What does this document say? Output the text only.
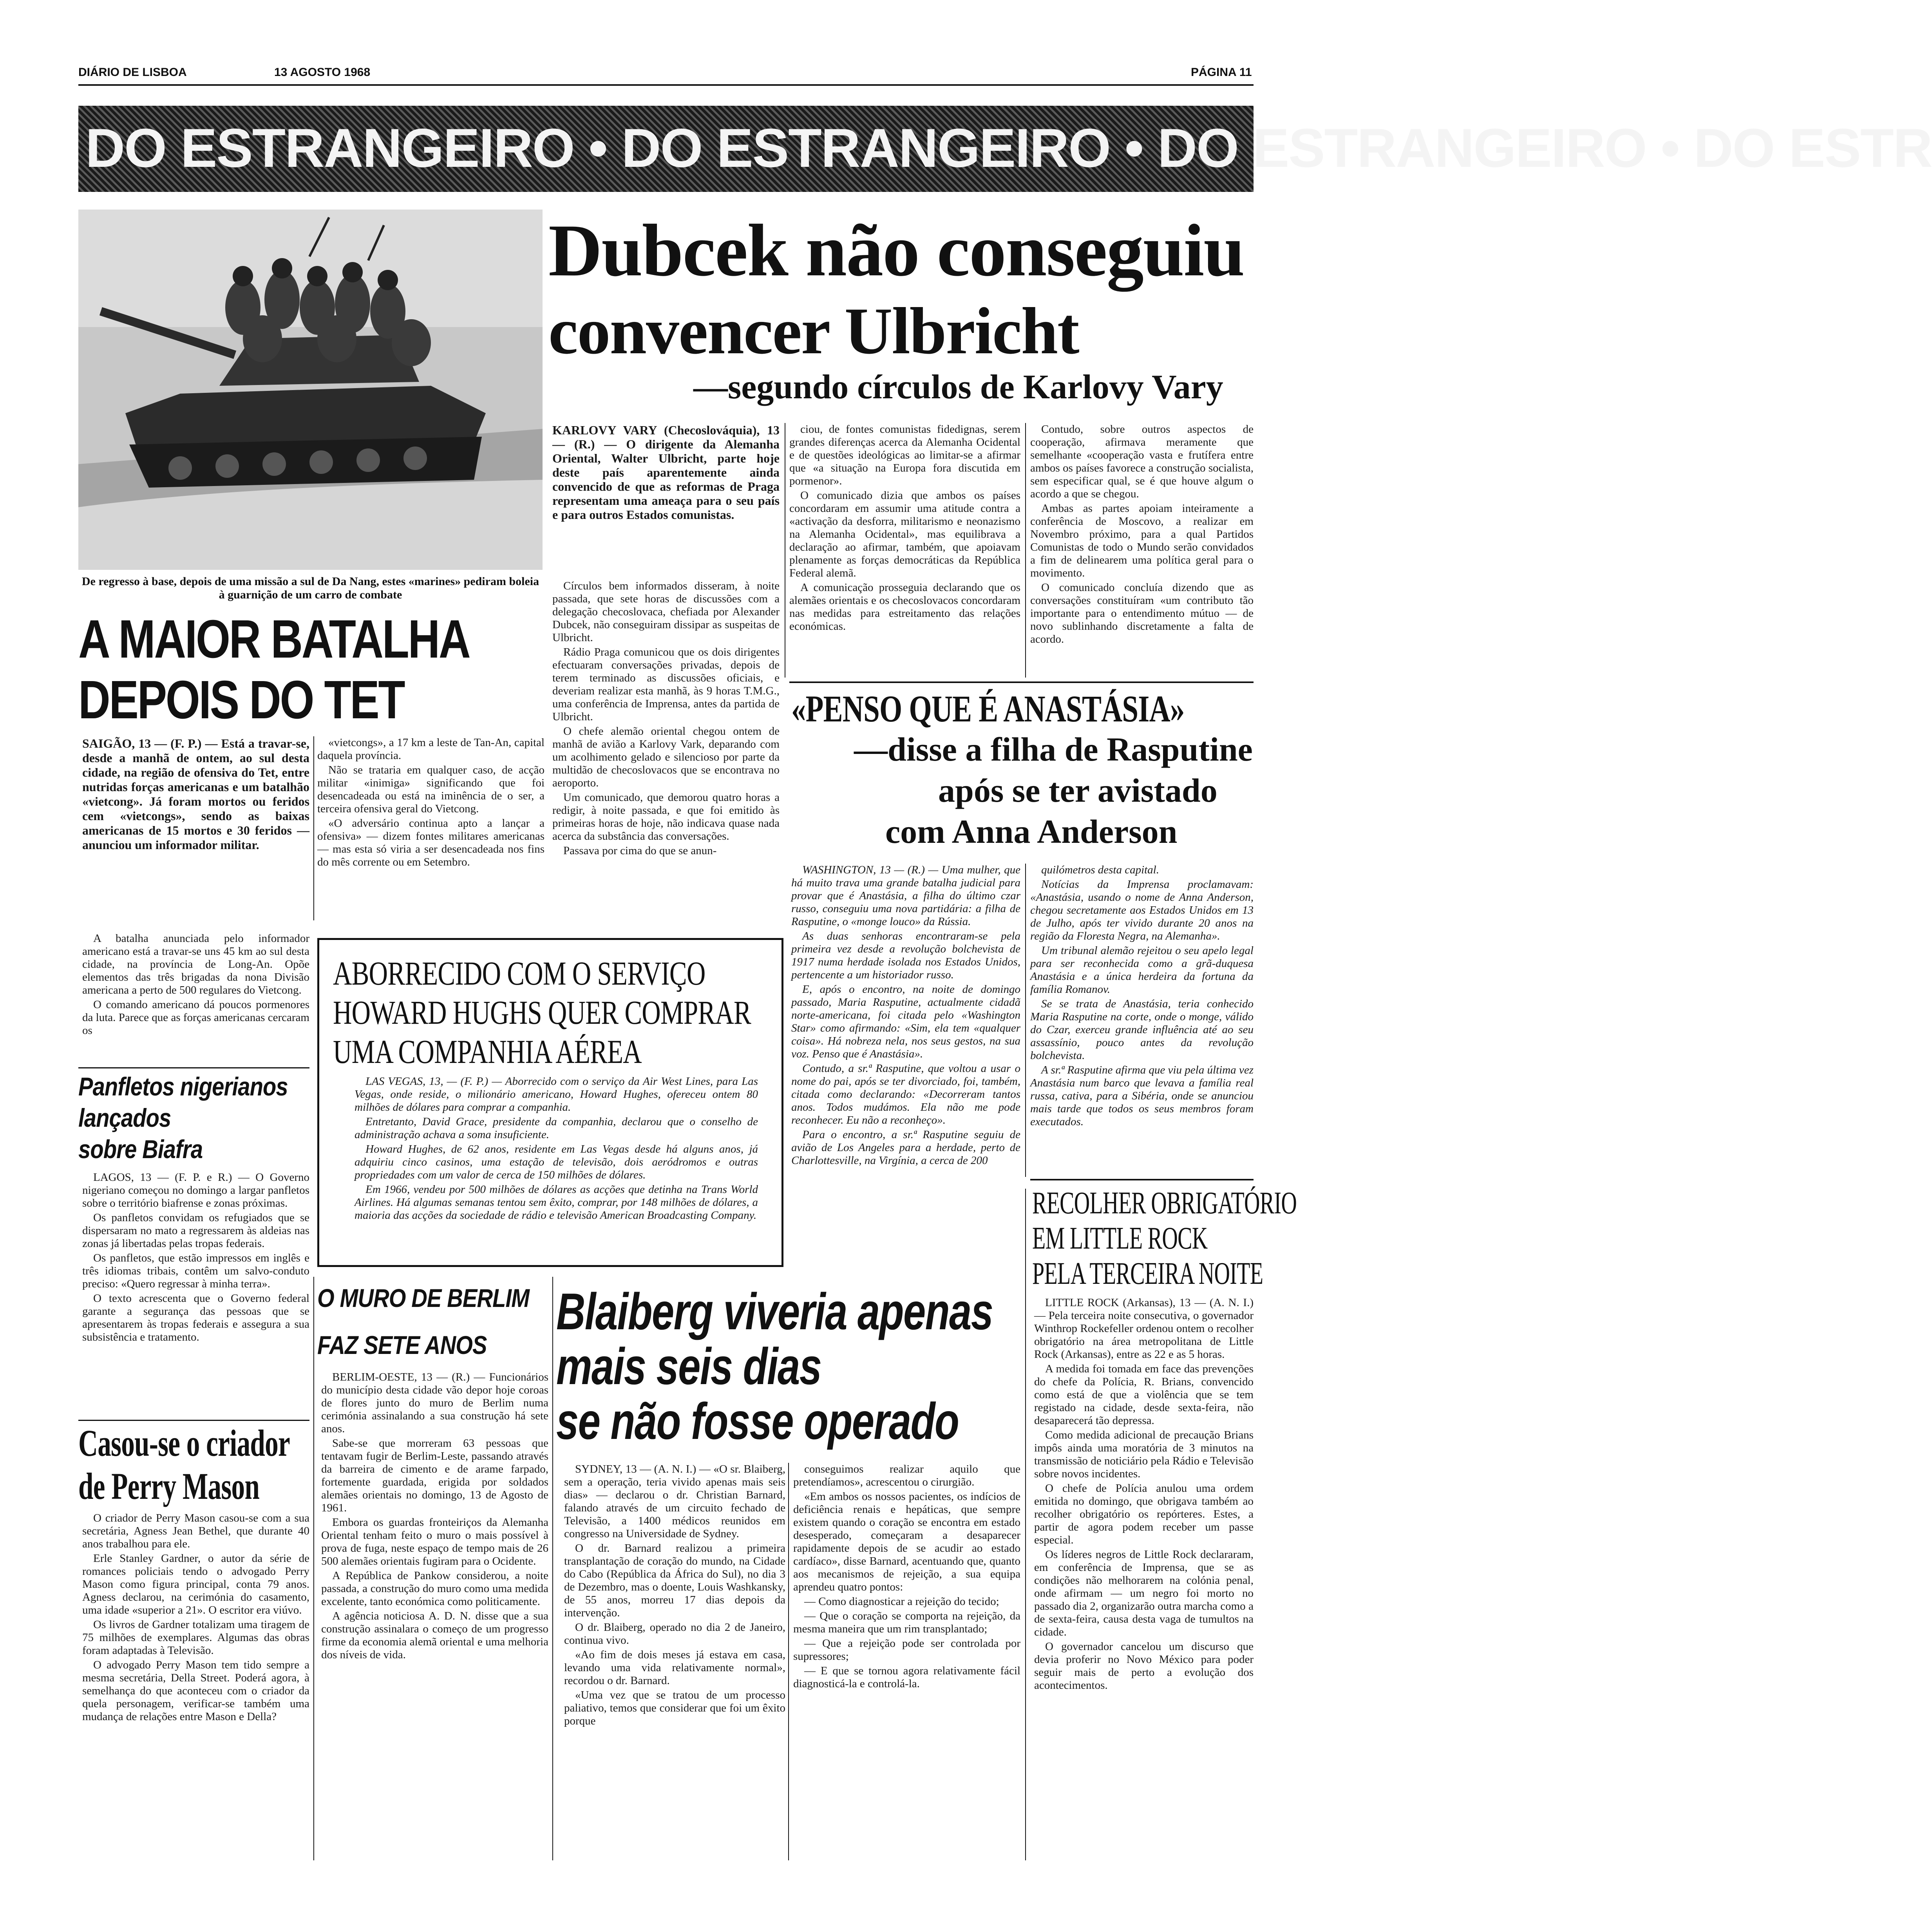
DIÁRIO DE LISBOA	13 AGOSTO 1968	PÁGINA 11
DO ESTRANGEIRO • DO ESTRANGEIRO • DO ESTRANGEIRO • DO ESTR
De regresso à base, depois de uma missão a sul de Da Nang, estes «marines» pediram boleia à guarnição de um carro de combate
Dubcek não conseguiu
convencer Ulbricht
—segundo círculos de Karlovy Vary
KARLOVY VARY (Checoslováquia), 13 — (R.) — O dirigente da Alemanha Oriental, Walter Ulbricht, parte hoje deste país aparentemente ainda convencido de que as reformas de Praga representam uma ameaça para o seu país e para outros Estados comunistas.

Círculos bem informados disseram, à noite passada, que sete horas de discussões com a delegação checoslovaca, chefiada por Alexander Dubcek, não conseguiram dissipar as suspeitas de Ulbricht.

Rádio Praga comunicou que os dois dirigentes efectuaram conversações privadas, depois de terem terminado as discussões oficiais, e deveriam realizar esta manhã, às 9 horas T.M.G., uma conferência de Imprensa, antes da partida de Ulbricht.

O chefe alemão oriental chegou ontem de manhã de avião a Karlovy Vark, deparando com um acolhimento gelado e silencioso por parte da multidão de checoslovacos que se encontrava no aeroporto.

Um comunicado, que demorou quatro horas a redigir, à noite passada, e que foi emitido às primeiras horas de hoje, não indicava quase nada acerca da substância das conversações.

Passava por cima do que se anun-

ciou, de fontes comunistas fidedignas, serem grandes diferenças acerca da Alemanha Ocidental e de questões ideológicas ao limitar-se a afirmar que «a situação na Europa fora discutida em pormenor».

O comunicado dizia que ambos os países concordaram em assumir uma atitude contra a «activação da desforra, militarismo e neonazismo na Alemanha Ocidental», mas equilibrava a declaração ao afirmar, também, que apoiavam plenamente as forças democráticas da República Federal alemã.

A comunicação prosseguia declarando que os alemães orientais e os checoslovacos concordaram nas medidas para estreitamento das relações económicas.

Contudo, sobre outros aspectos de cooperação, afirmava meramente que semelhante «cooperação vasta e frutífera entre ambos os países favorece a construção socialista, sem especificar qual, se é que houve algum o acordo a que se chegou.

Ambas as partes apoiam inteiramente a conferência de Moscovo, a realizar em Novembro próximo, para a qual Partidos Comunistas de todo o Mundo serão convidados a fim de delinearem uma política geral para o movimento.

O comunicado concluía dizendo que as conversações constituíram «um contributo tão importante para o entendimento mútuo — de novo sublinhando discretamente a falta de acordo.

A MAIOR BATALHA
DEPOIS DO TET
SAIGÃO, 13 — (F. P.) — Está a travar-se, desde a manhã de ontem, ao sul desta cidade, na região de ofensiva do Tet, entre nutridas forças americanas e um batalhão «vietcong». Já foram mortos ou feridos cem «vietcongs», sendo as baixas americanas de 15 mortos e 30 feridos — anunciou um informador militar.

A batalha anunciada pelo informador americano está a travar-se uns 45 km ao sul desta cidade, na província de Long-An. Opõe elementos das três brigadas da nona Divisão americana a perto de 500 regulares do Vietcong.

O comando americano dá poucos pormenores da luta. Parece que as forças americanas cercaram os

«vietcongs», a 17 km a leste de Tan-An, capital daquela província.

Não se trataria em qualquer caso, de acção militar «inimiga» significando que foi desencadeada ou está na iminência de o ser, a terceira ofensiva geral do Vietcong.

«O adversário continua apto a lançar a ofensiva» — dizem fontes militares americanas — mas esta só viria a ser desencadeada nos fins do mês corrente ou em Setembro.

«PENSO QUE É ANASTÁSIA»
—disse a filha de Rasputine
após se ter avistado
com Anna Anderson

WASHINGTON, 13 — (R.) — Uma mulher, que há muito trava uma grande batalha judicial para provar que é Anastásia, a filha do último czar russo, conseguiu uma nova partidária: a filha de Rasputine, o «monge louco» da Rússia.

As duas senhoras encontraram-se pela primeira vez desde a revolução bolchevista de 1917 numa herdade isolada nos Estados Unidos, pertencente a um historiador russo.

E, após o encontro, na noite de domingo passado, Maria Rasputine, actualmente cidadã norte-americana, foi citada pelo «Washington Star» como afirmando: «Sim, ela tem «qualquer coisa». Há nobreza nela, nos seus gestos, na sua voz. Penso que é Anastásia».

Contudo, a sr.ª Rasputine, que voltou a usar o nome do pai, após se ter divorciado, foi, também, citada como declarando: «Decorreram tantos anos. Todos mudámos. Ela não me pode reconhecer. Eu não a reconheço».

Para o encontro, a sr.ª Rasputine seguiu de avião de Los Angeles para a herdade, perto de Charlottesville, na Virgínia, a cerca de 200

quilómetros desta capital.

Notícias da Imprensa proclamavam: «Anastásia, usando o nome de Anna Anderson, chegou secretamente aos Estados Unidos em 13 de Julho, após ter vivido durante 20 anos na região da Floresta Negra, na Alemanha».

Um tribunal alemão rejeitou o seu apelo legal para ser reconhecida como a grã-duquesa Anastásia e a única herdeira da fortuna da família Romanov.

Se se trata de Anastásia, teria conhecido Maria Rasputine na corte, onde o monge, válido do Czar, exerceu grande influência até ao seu assassínio, pouco antes da revolução bolchevista.

A sr.ª Rasputine afirma que viu pela última vez Anastásia num barco que levava a família real russa, cativa, para a Sibéria, onde se anunciou mais tarde que todos os seus membros foram executados.

ABORRECIDO COM O SERVIÇO
HOWARD HUGHS QUER COMPRAR
UMA COMPANHIA AÉREA

LAS VEGAS, 13, — (F. P.) — Aborrecido com o serviço da Air West Lines, para Las Vegas, onde reside, o milionário americano, Howard Hughes, ofereceu ontem 80 milhões de dólares para comprar a companhia.

Entretanto, David Grace, presidente da companhia, declarou que o conselho de administração achava a soma insuficiente.

Howard Hughes, de 62 anos, residente em Las Vegas desde há alguns anos, já adquiriu cinco casinos, uma estação de televisão, dois aeródromos e outras propriedades com um valor de cerca de 150 milhões de dólares.

Em 1966, vendeu por 500 milhões de dólares as acções que detinha na Trans World Airlines. Há algumas semanas tentou sem êxito, comprar, por 148 milhões de dólares, a maioria das acções da sociedade de rádio e televisão American Broadcasting Company.

Panfletos nigerianos
lançados
sobre Biafra

LAGOS, 13 — (F. P. e R.) — O Governo nigeriano começou no domingo a largar panfletos sobre o território biafrense e zonas próximas.

Os panfletos convidam os refugiados que se dispersaram no mato a regressarem às aldeias nas zonas já libertadas pelas tropas federais.

Os panfletos, que estão impressos em inglês e três idiomas tribais, contêm um salvo-conduto preciso: «Quero regressar à minha terra».

O texto acrescenta que o Governo federal garante a segurança das pessoas que se apresentarem às tropas federais e assegura a sua subsistência e tratamento.

Casou-se o criador
de Perry Mason

O criador de Perry Mason casou-se com a sua secretária, Agness Jean Bethel, que durante 40 anos trabalhou para ele.

Erle Stanley Gardner, o autor da série de romances policiais tendo o advogado Perry Mason como figura principal, conta 79 anos. Agness declarou, na cerimónia do casamento, uma idade «superior a 21». O escritor era viúvo.

Os livros de Gardner totalizam uma tiragem de 75 milhões de exemplares. Algumas das obras foram adaptadas à Televisão.

O advogado Perry Mason tem tido sempre a mesma secretária, Della Street. Poderá agora, à semelhança do que aconteceu com o criador da quela personagem, verificar-se também uma mudança de relações entre Mason e Della?

O MURO DE BERLIM
FAZ SETE ANOS

BERLIM-OESTE, 13 — (R.) — Funcionários do município desta cidade vão depor hoje coroas de flores junto do muro de Berlim numa cerimónia assinalando a sua construção há sete anos.

Sabe-se que morreram 63 pessoas que tentavam fugir de Berlim-Leste, passando através da barreira de cimento e de arame farpado, fortemente guardada, erigida por soldados alemães orientais no domingo, 13 de Agosto de 1961.

Embora os guardas fronteiriços da Alemanha Oriental tenham feito o muro o mais possível à prova de fuga, neste espaço de tempo mais de 26 500 alemães orientais fugiram para o Ocidente.

A República de Pankow considerou, a noite passada, a construção do muro como uma medida excelente, tanto económica como politicamente.

A agência noticiosa A. D. N. disse que a sua construção assinalara o começo de um progresso firme da economia alemã oriental e uma melhoria dos níveis de vida.

Blaiberg viveria apenas
mais seis dias
se não fosse operado

SYDNEY, 13 — (A. N. I.) — «O sr. Blaiberg, sem a operação, teria vivido apenas mais seis dias» — declarou o dr. Christian Barnard, falando através de um circuito fechado de Televisão, a 1400 médicos reunidos em congresso na Universidade de Sydney.

O dr. Barnard realizou a primeira transplantação de coração do mundo, na Cidade do Cabo (República da África do Sul), no dia 3 de Dezembro, mas o doente, Louis Washkansky, de 55 anos, morreu 17 dias depois da intervenção.

O dr. Blaiberg, operado no dia 2 de Janeiro, continua vivo.

«Ao fim de dois meses já estava em casa, levando uma vida relativamente normal», recordou o dr. Barnard.

«Uma vez que se tratou de um processo paliativo, temos que considerar que foi um êxito porque

conseguimos realizar aquilo que pretendíamos», acrescentou o cirurgião.

«Em ambos os nossos pacientes, os indícios de deficiência renais e hepáticas, que sempre existem quando o coração se encontra em estado desesperado, começaram a desaparecer rapidamente depois de se acudir ao estado cardíaco», disse Barnard, acentuando que, quanto aos mecanismos de rejeição, a sua equipa aprendeu quatro pontos:

— Como diagnosticar a rejeição do tecido;

— Que o coração se comporta na rejeição, da mesma maneira que um rim transplantado;

— Que a rejeição pode ser controlada por supressores;

— E que se tornou agora relativamente fácil diagnosticá-la e controlá-la.

RECOLHER OBRIGATÓRIO
EM LITTLE ROCK
PELA TERCEIRA NOITE

LITTLE ROCK (Arkansas), 13 — (A. N. I.) — Pela terceira noite consecutiva, o governador Winthrop Rockefeller ordenou ontem o recolher obrigatório na área metropolitana de Little Rock (Arkansas), entre as 22 e as 5 horas.

A medida foi tomada em face das prevenções do chefe da Polícia, R. Brians, convencido como está de que a violência que se tem registado na cidade, desde sexta-feira, não desaparecerá tão depressa.

Como medida adicional de precaução Brians impôs ainda uma moratória de 3 minutos na transmissão de noticiário pela Rádio e Televisão sobre novos incidentes.

O chefe de Polícia anulou uma ordem emitida no domingo, que obrigava também ao recolher obrigatório os repórteres. Estes, a partir de agora podem receber um passe especial.

Os líderes negros de Little Rock declararam, em conferência de Imprensa, que se as condições não melhorarem na colónia penal, onde afirmam — um negro foi morto no passado dia 2, organizarão outra marcha como a de sexta-feira, causa desta vaga de tumultos na cidade.

O governador cancelou um discurso que devia proferir no Novo México para poder seguir mais de perto a evolução dos acontecimentos.
